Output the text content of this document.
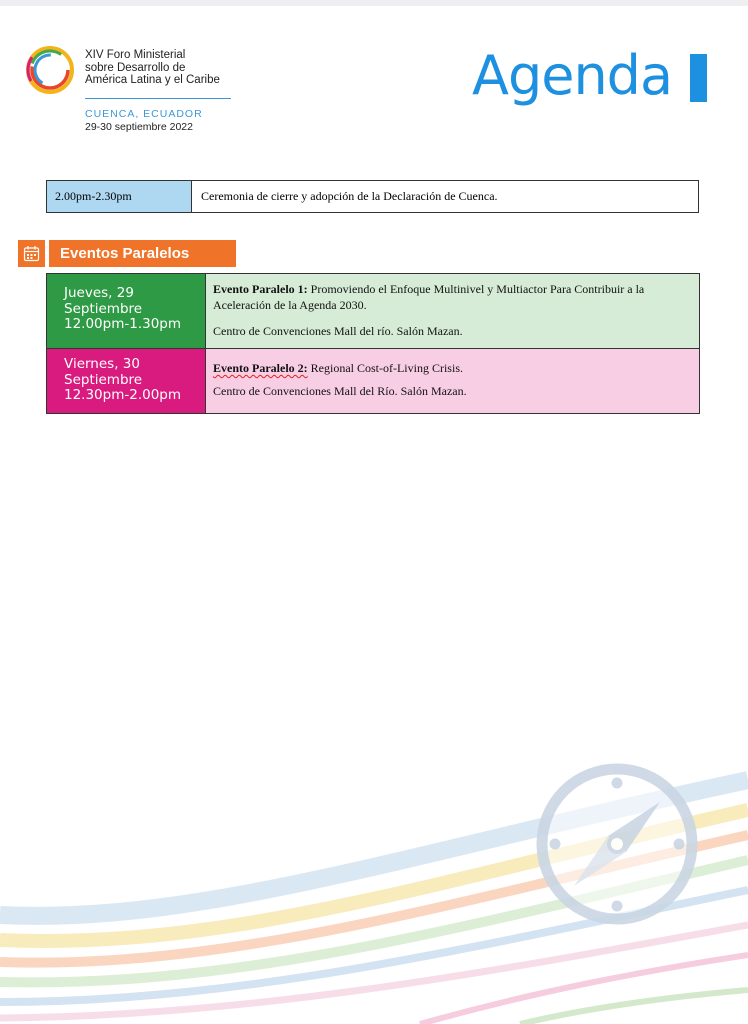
XIV Foro Ministerial
sobre Desarrollo de
América Latina y el Caribe
CUENCA, ECUADOR
29-30 septiembre 2022
Agenda
2.00pm-2.30pm	Ceremonia de cierre y adopción de la Declaración de Cuenca.
Eventos Paralelos
Jueves, 29
Septiembre
12.00pm-1.30pm
Evento Paralelo 1: Promoviendo el Enfoque Multinivel y Multiactor Para Contribuir a la Aceleración de la Agenda 2030.
Centro de Convenciones Mall del río. Salón Mazan.
Viernes, 30
Septiembre
12.30pm-2.00pm
Evento Paralelo 2: Regional Cost-of-Living Crisis.
Centro de Convenciones Mall del Río. Salón Mazan.
